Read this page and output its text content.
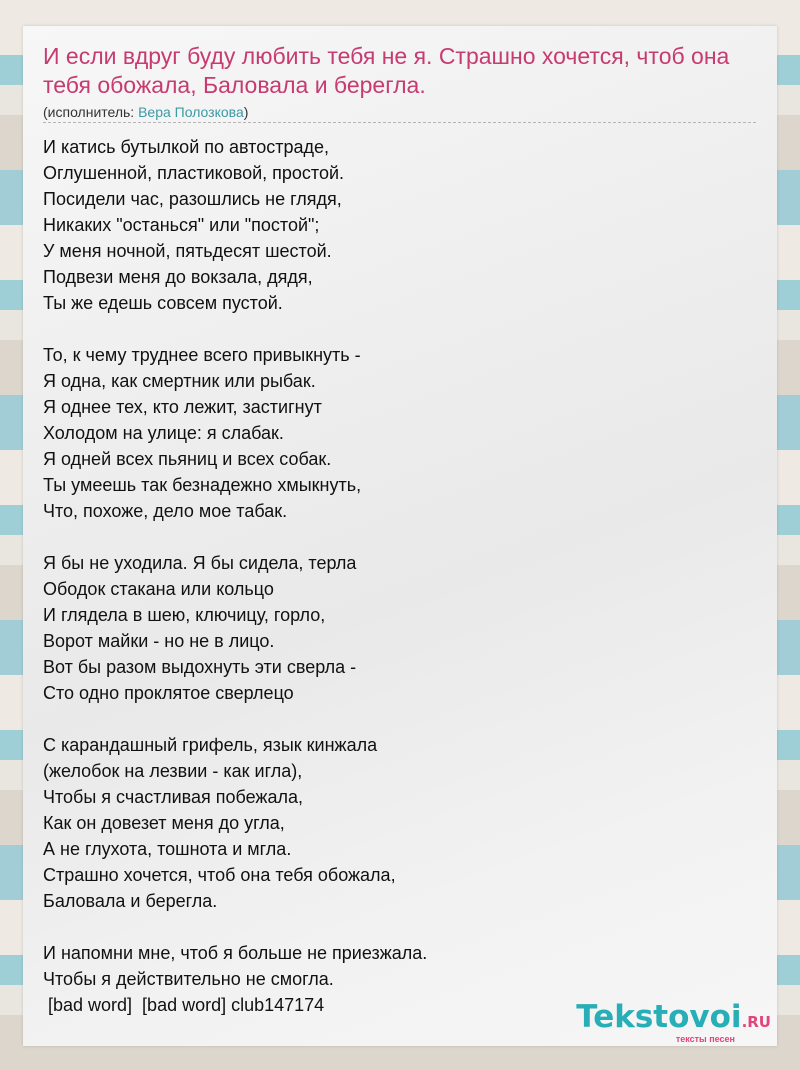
И если вдруг буду любить тебя не я. Страшно хочется, чтоб она тебя обожала, Баловала и берегла.
(исполнитель: Вера Полозкова)
И катись бутылкой по автостраде,
Оглушенной, пластиковой, простой.
Посидели час, разошлись не глядя,
Никаких "останься" или "постой";
У меня ночной, пятьдесят шестой.
Подвези меня до вокзала, дядя,
Ты же едешь совсем пустой.
То, к чему труднее всего привыкнуть -
Я одна, как смертник или рыбак.
Я однее тех, кто лежит, застигнут
Холодом на улице: я слабак.
Я одней всех пьяниц и всех собак.
Ты умеешь так безнадежно хмыкнуть,
Что, похоже, дело мое табак.
Я бы не уходила. Я бы сидела, терла
Ободок стакана или кольцо
И глядела в шею, ключицу, горло,
Ворот майки - но не в лицо.
Вот бы разом выдохнуть эти сверла -
Сто одно проклятое сверлецо
С карандашный грифель, язык кинжала
(желобок на лезвии - как игла),
Чтобы я счастливая побежала,
Как он довезет меня до угла,
А не глухота, тошнота и мгла.
Страшно хочется, чтоб она тебя обожала,
Баловала и берегла.
И напомни мне, чтоб я больше не приезжала.
Чтобы я действительно не смогла.
[bad word]  [bad word] club147174	Tekstovoi.RU
тексты песен
